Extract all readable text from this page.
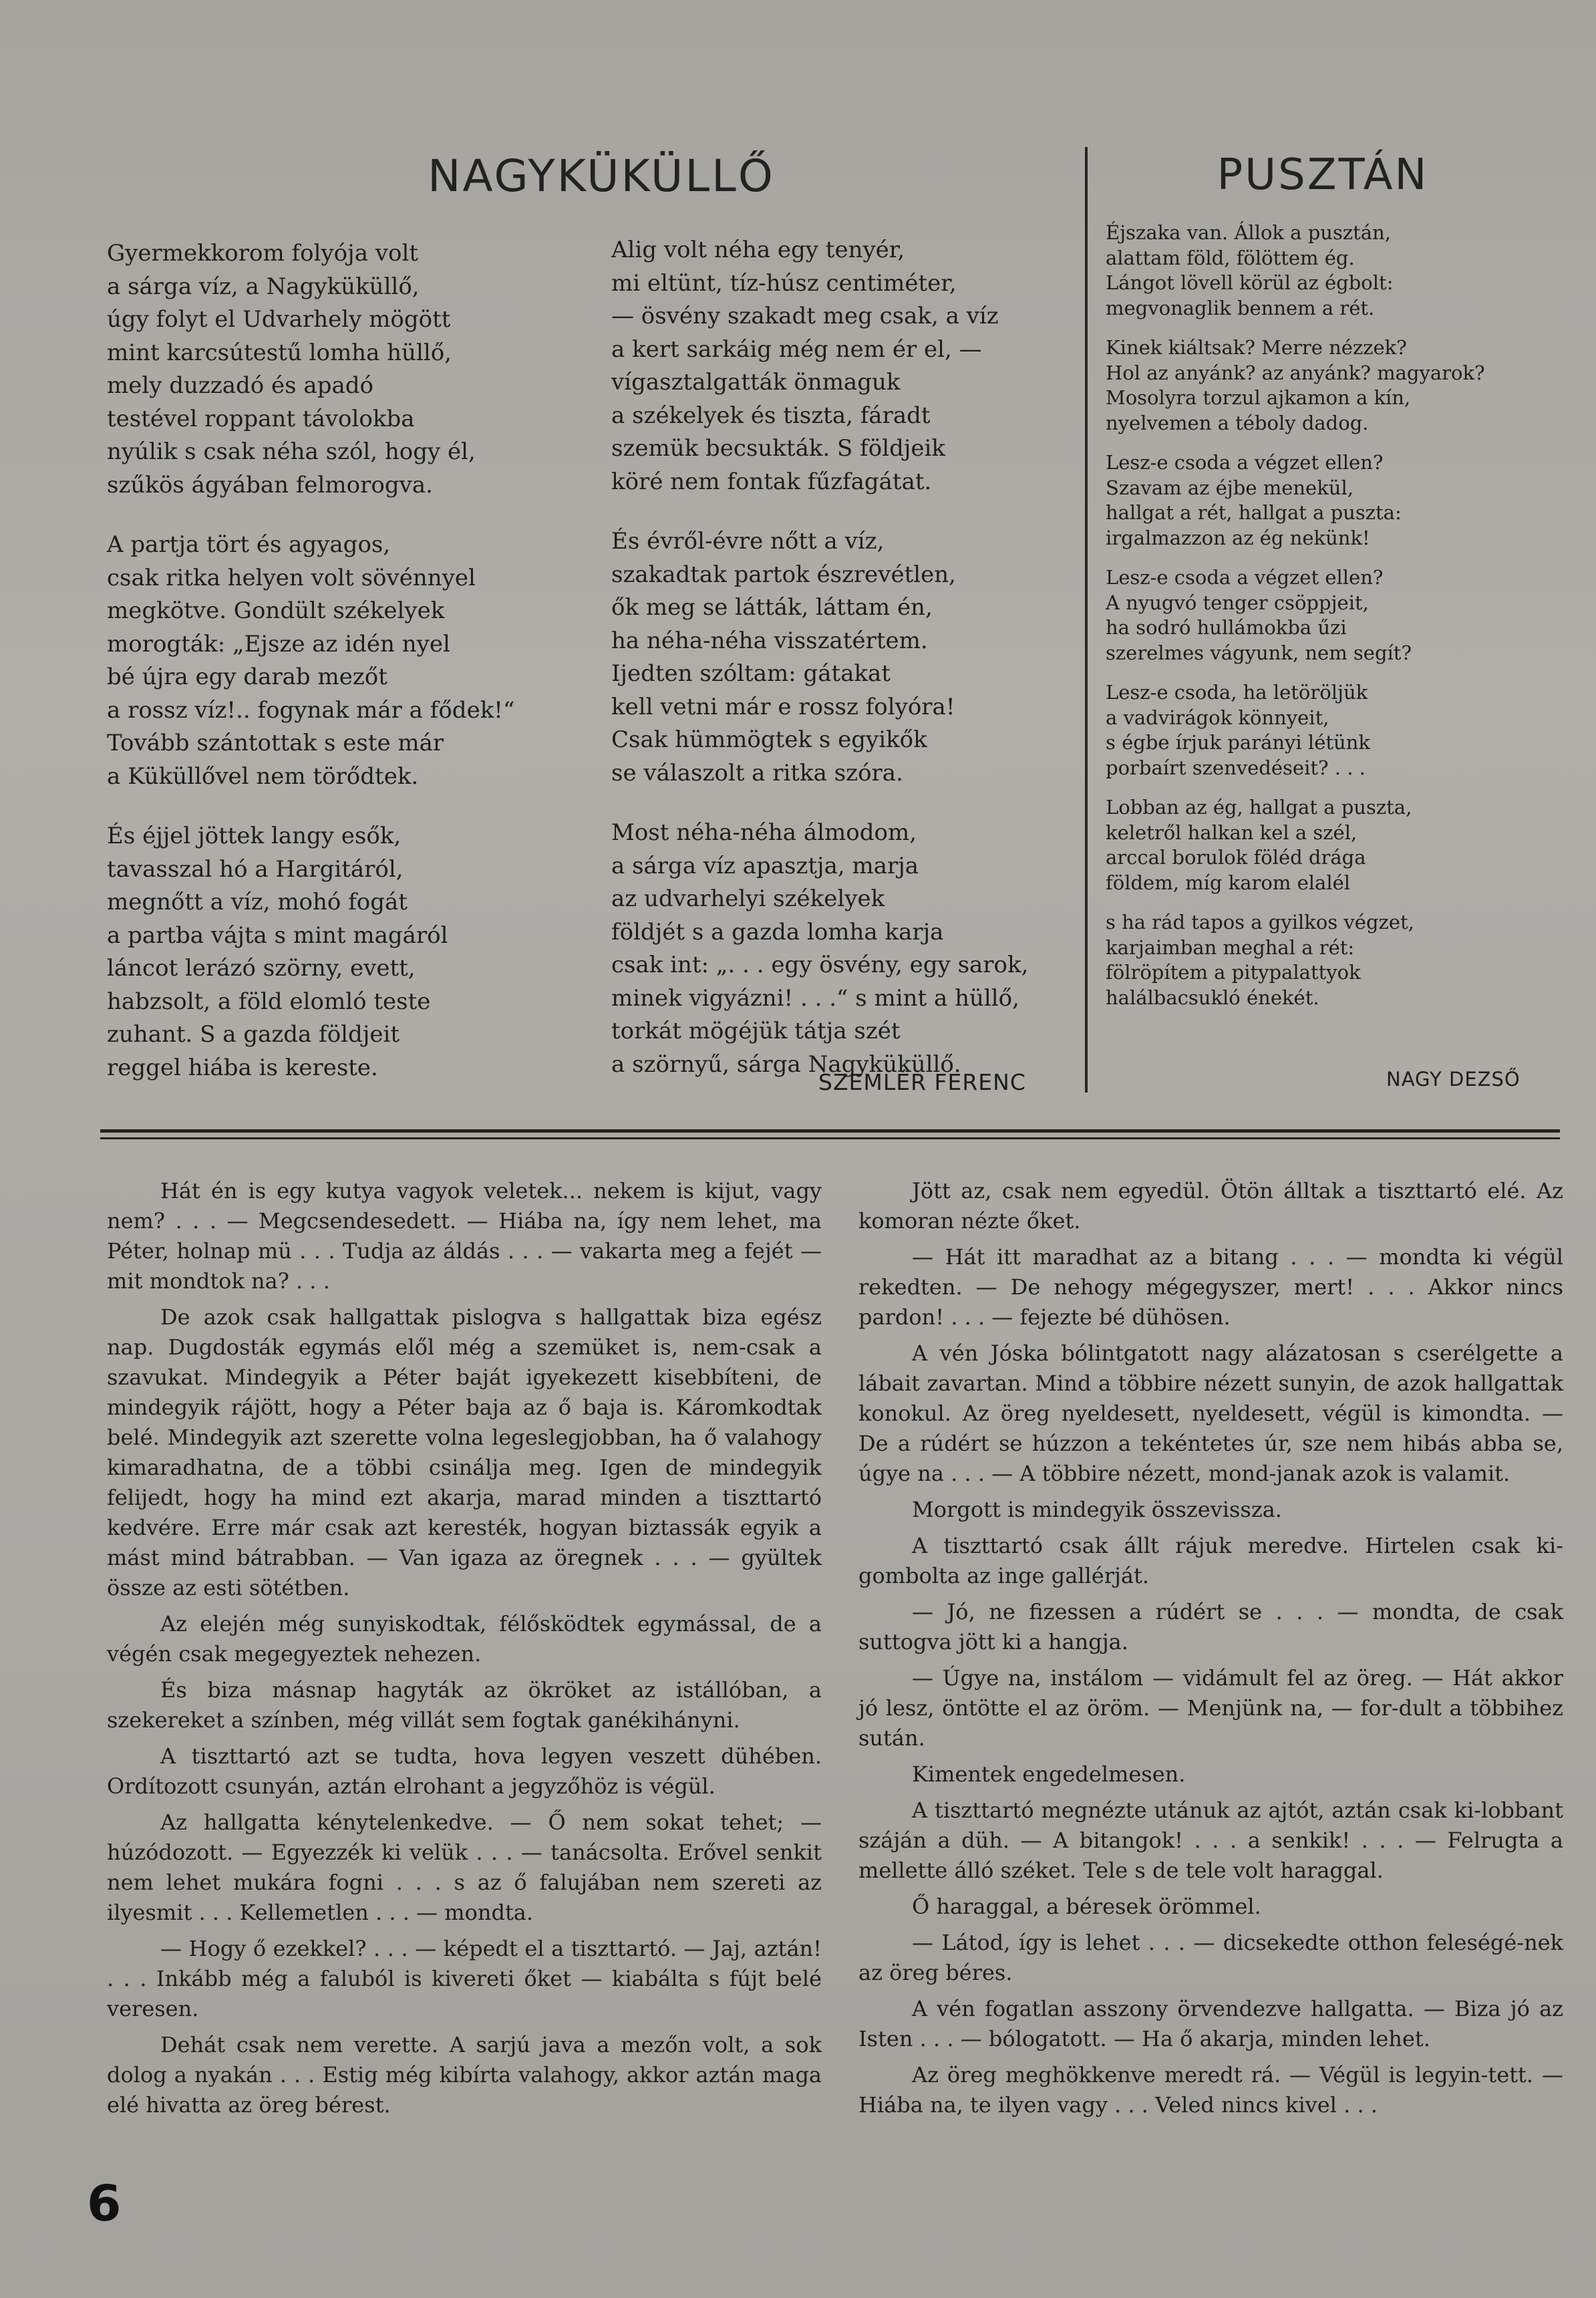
NAGYKÜKÜLLŐ	PUSZTÁN
Gyermekkorom folyója volt
a sárga víz, a Nagyküküllő,
úgy folyt el Udvarhely mögött
mint karcsútestű lomha hüllő,
mely duzzadó és apadó
testével roppant távolokba
nyúlik s csak néha szól, hogy él,
szűkös ágyában felmorogva.
A partja tört és agyagos,
csak ritka helyen volt sövénnyel
megkötve. Gondült székelyek
morogták: „Ejsze az idén nyel
bé újra egy darab mezőt
a rossz víz!.. fogynak már a fődek!“
Tovább szántottak s este már
a Küküllővel nem törődtek.
És éjjel jöttek langy esők,
tavasszal hó a Hargitáról,
megnőtt a víz, mohó fogát
a partba vájta s mint magáról
láncot lerázó szörny, evett,
habzsolt, a föld elomló teste
zuhant. S a gazda földjeit
reggel hiába is kereste.
Alig volt néha egy tenyér,
mi eltünt, tíz-húsz centiméter,
— ösvény szakadt meg csak, a víz
a kert sarkáig még nem ér el, —
vígasztalgatták önmaguk
a székelyek és tiszta, fáradt
szemük becsukták. S földjeik
köré nem fontak fűzfagátat.
És évről-évre nőtt a víz,
szakadtak partok észrevétlen,
ők meg se látták, láttam én,
ha néha-néha visszatértem.
Ijedten szóltam: gátakat
kell vetni már e rossz folyóra!
Csak hümmögtek s egyikők
se válaszolt a ritka szóra.
Most néha-néha álmodom,
a sárga víz apasztja, marja
az udvarhelyi székelyek
földjét s a gazda lomha karja
csak int: „. . . egy ösvény, egy sarok,
minek vigyázni! . . .“ s mint a hüllő,
torkát mögéjük tátja szét
a szörnyű, sárga Nagyküküllő.
SZEMLÉR FERENC
Éjszaka van. Állok a pusztán,
alattam föld, fölöttem ég.
Lángot lövell körül az égbolt:
megvonaglik bennem a rét.
Kinek kiáltsak? Merre nézzek?
Hol az anyánk? az anyánk? magyarok?
Mosolyra torzul ajkamon a kín,
nyelvemen a téboly dadog.
Lesz-e csoda a végzet ellen?
Szavam az éjbe menekül,
hallgat a rét, hallgat a puszta:
irgalmazzon az ég nekünk!
Lesz-e csoda a végzet ellen?
A nyugvó tenger csöppjeit,
ha sodró hullámokba űzi
szerelmes vágyunk, nem segít?
Lesz-e csoda, ha letöröljük
a vadvirágok könnyeit,
s égbe írjuk parányi létünk
porbaírt szenvedéseit? . . .
Lobban az ég, hallgat a puszta,
keletről halkan kel a szél,
arccal borulok föléd drága
földem, míg karom elalél
s ha rád tapos a gyilkos végzet,
karjaimban meghal a rét:
fölröpítem a pitypalattyok
halálbacsukló énekét.
NAGY DEZSŐ

Hát én is egy kutya vagyok veletek... nekem is kijut, vagy nem? . . . — Megcsendesedett. — Hiába na, így nem lehet, ma Péter, holnap mü . . . Tudja az áldás . . . — vakarta meg a fejét — mit mondtok na? . . .

De azok csak hallgattak pislogva s hallgattak biza egész nap. Dugdosták egymás elől még a szemüket is, nem-csak a szavukat. Mindegyik a Péter baját igyekezett kisebbíteni, de mindegyik rájött, hogy a Péter baja az ő baja is. Káromkodtak belé. Mindegyik azt szerette volna legeslegjobban, ha ő valahogy kimaradhatna, de a többi csinálja meg. Igen de mindegyik felijedt, hogy ha mind ezt akarja, marad minden a tiszttartó kedvére. Erre már csak azt keresték, hogyan biztassák egyik a mást mind bátrabban. — Van igaza az öregnek . . . — gyültek össze az esti sötétben.

Az elején még sunyiskodtak, félősködtek egymással, de a végén csak megegyeztek nehezen.

És biza másnap hagyták az ökröket az istállóban, a szekereket a színben, még villát sem fogtak ganékihányni.

A tiszttartó azt se tudta, hova legyen veszett dühében. Ordítozott csunyán, aztán elrohant a jegyzőhöz is végül.

Az hallgatta kénytelenkedve. — Ő nem sokat tehet; — húzódozott. — Egyezzék ki velük . . . — tanácsolta. Erővel senkit nem lehet mukára fogni . . . s az ő falujában nem szereti az ilyesmit . . . Kellemetlen . . . — mondta.

— Hogy ő ezekkel? . . . — képedt el a tiszttartó. — Jaj, aztán! . . . Inkább még a faluból is kivereti őket — kiabálta s fújt belé veresen.

Dehát csak nem verette. A sarjú java a mezőn volt, a sok dolog a nyakán . . . Estig még kibírta valahogy, akkor aztán maga elé hivatta az öreg bérest.

Jött az, csak nem egyedül. Ötön álltak a tiszttartó elé. Az komoran nézte őket.

— Hát itt maradhat az a bitang . . . — mondta ki végül rekedten. — De nehogy mégegyszer, mert! . . . Akkor nincs pardon! . . . — fejezte bé dühösen.

A vén Jóska bólintgatott nagy alázatosan s cserélgette a lábait zavartan. Mind a többire nézett sunyin, de azok hallgattak konokul. Az öreg nyeldesett, nyeldesett, végül is kimondta. — De a rúdért se húzzon a tekéntetes úr, sze nem hibás abba se, úgye na . . . — A többire nézett, mond-janak azok is valamit.

Morgott is mindegyik összevissza.

A tiszttartó csak állt rájuk meredve. Hirtelen csak ki-gombolta az inge gallérját.

— Jó, ne fizessen a rúdért se . . . — mondta, de csak suttogva jött ki a hangja.

— Úgye na, instálom — vidámult fel az öreg. — Hát akkor jó lesz, öntötte el az öröm. — Menjünk na, — for-dult a többihez sután.

Kimentek engedelmesen.

A tiszttartó megnézte utánuk az ajtót, aztán csak ki-lobbant száján a düh. — A bitangok! . . . a senkik! . . . — Felrugta a mellette álló széket. Tele s de tele volt haraggal.

Ő haraggal, a béresek örömmel.

— Látod, így is lehet . . . — dicsekedte otthon feleségé-nek az öreg béres.

A vén fogatlan asszony örvendezve hallgatta. — Biza jó az Isten . . . — bólogatott. — Ha ő akarja, minden lehet.

Az öreg meghökkenve meredt rá. — Végül is legyin-tett. — Hiába na, te ilyen vagy . . . Veled nincs kivel . . .

6
